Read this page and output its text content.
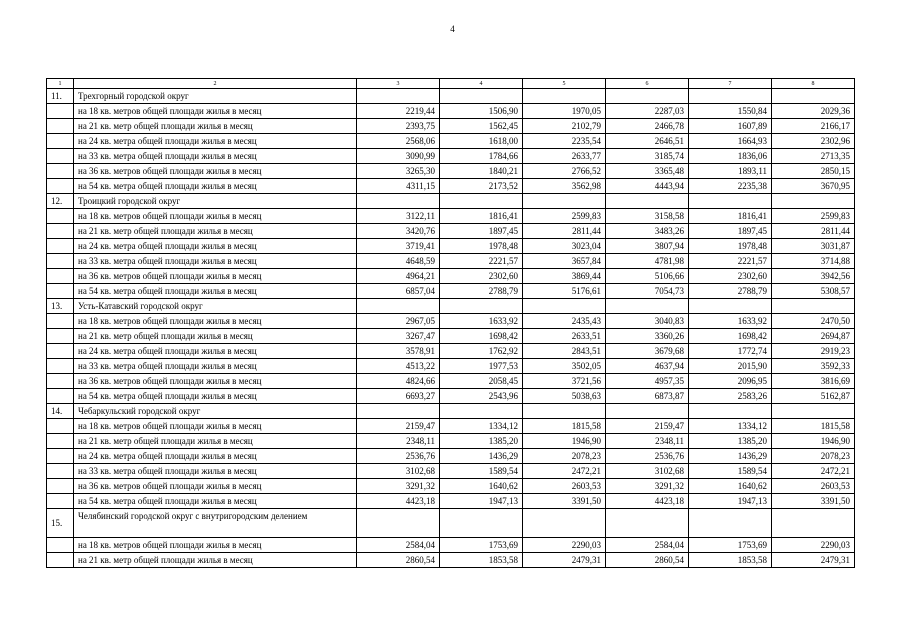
4
1	2	3	4	5	6	7	8
11.	Трехгорный городской округ						
	на 18 кв. метров общей площади жилья в месяц	2219,44	1506,90	1970,05	2287,03	1550,84	2029,36
	на 21 кв. метр общей площади жилья в месяц	2393,75	1562,45	2102,79	2466,78	1607,89	2166,17
	на 24 кв. метра общей площади жилья в месяц	2568,06	1618,00	2235,54	2646,51	1664,93	2302,96
	на 33 кв. метра общей площади жилья в месяц	3090,99	1784,66	2633,77	3185,74	1836,06	2713,35
	на 36 кв. метров общей площади жилья в месяц	3265,30	1840,21	2766,52	3365,48	1893,11	2850,15
	на 54 кв. метра общей площади жилья в месяц	4311,15	2173,52	3562,98	4443,94	2235,38	3670,95
12.	Троицкий городской округ						
	на 18 кв. метров общей площади жилья в месяц	3122,11	1816,41	2599,83	3158,58	1816,41	2599,83
	на 21 кв. метр общей площади жилья в месяц	3420,76	1897,45	2811,44	3483,26	1897,45	2811,44
	на 24 кв. метра общей площади жилья в месяц	3719,41	1978,48	3023,04	3807,94	1978,48	3031,87
	на 33 кв. метра общей площади жилья в месяц	4648,59	2221,57	3657,84	4781,98	2221,57	3714,88
	на 36 кв. метров общей площади жилья в месяц	4964,21	2302,60	3869,44	5106,66	2302,60	3942,56
	на 54 кв. метра общей площади жилья в месяц	6857,04	2788,79	5176,61	7054,73	2788,79	5308,57
13.	Усть-Катавский городской округ						
	на 18 кв. метров общей площади жилья в месяц	2967,05	1633,92	2435,43	3040,83	1633,92	2470,50
	на 21 кв. метр общей площади жилья в месяц	3267,47	1698,42	2633,51	3360,26	1698,42	2694,87
	на 24 кв. метра общей площади жилья в месяц	3578,91	1762,92	2843,51	3679,68	1772,74	2919,23
	на 33 кв. метра общей площади жилья в месяц	4513,22	1977,53	3502,05	4637,94	2015,90	3592,33
	на 36 кв. метров общей площади жилья в месяц	4824,66	2058,45	3721,56	4957,35	2096,95	3816,69
	на 54 кв. метра общей площади жилья в месяц	6693,27	2543,96	5038,63	6873,87	2583,26	5162,87
14.	Чебаркульский городской округ						
	на 18 кв. метров общей площади жилья в месяц	2159,47	1334,12	1815,58	2159,47	1334,12	1815,58
	на 21 кв. метр общей площади жилья в месяц	2348,11	1385,20	1946,90	2348,11	1385,20	1946,90
	на 24 кв. метра общей площади жилья в месяц	2536,76	1436,29	2078,23	2536,76	1436,29	2078,23
	на 33 кв. метра общей площади жилья в месяц	3102,68	1589,54	2472,21	3102,68	1589,54	2472,21
	на 36 кв. метров общей площади жилья в месяц	3291,32	1640,62	2603,53	3291,32	1640,62	2603,53
	на 54 кв. метра общей площади жилья в месяц	4423,18	1947,13	3391,50	4423,18	1947,13	3391,50
15.	Челябинский городской округ с внутригородским делением						
	на 18 кв. метров общей площади жилья в месяц	2584,04	1753,69	2290,03	2584,04	1753,69	2290,03
	на 21 кв. метр общей площади жилья в месяц	2860,54	1853,58	2479,31	2860,54	1853,58	2479,31
